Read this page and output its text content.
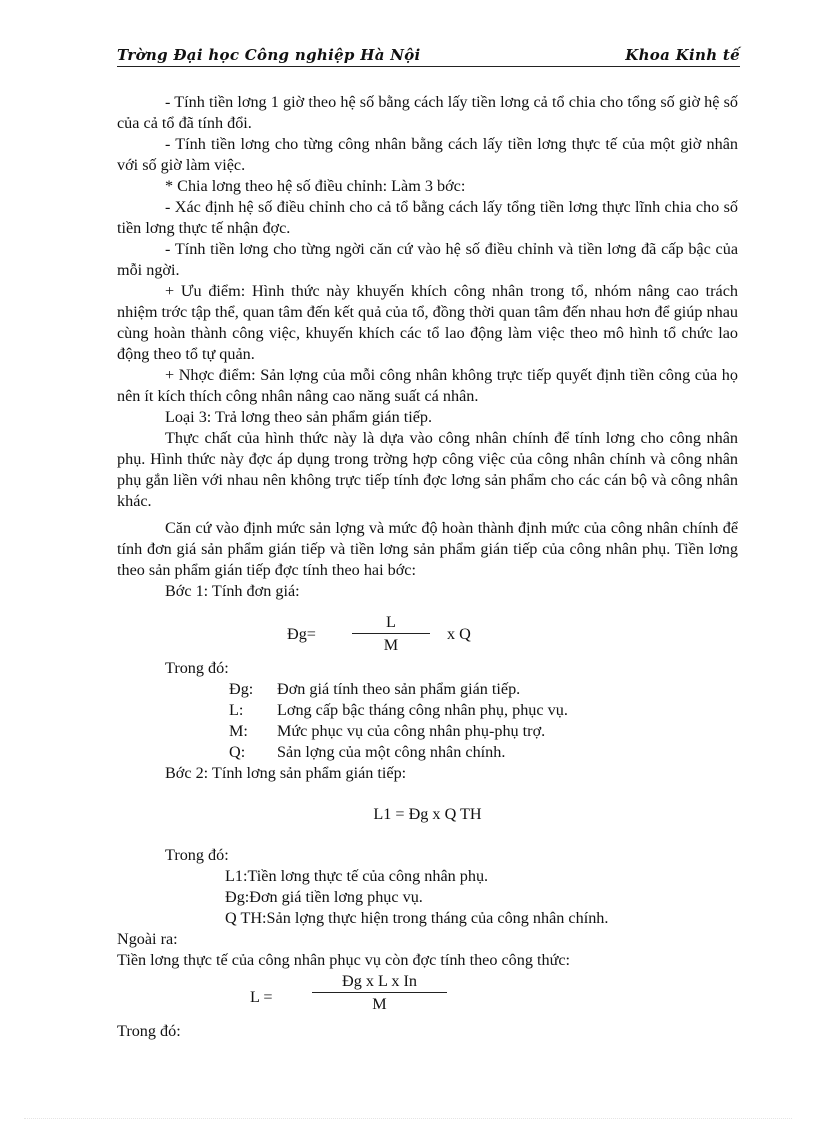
Trờng Đại học Công nghiệp Hà Nội	Khoa Kinh tế

- Tính tiền lơng 1 giờ theo hệ số bằng cách lấy tiền lơng cả tổ chia cho tổng số giờ hệ số của cả tổ đã tính đổi.

- Tính tiền lơng cho từng công nhân bằng cách lấy tiền lơng thực tế của một giờ nhân với số giờ làm việc.

* Chia lơng theo hệ số điều chỉnh: Làm 3 bớc:

- Xác định hệ số điều chỉnh cho cả tổ bằng cách lấy tổng tiền lơng thực lĩnh chia cho số tiền lơng thực tế nhận đợc.

- Tính tiền lơng cho từng ngời căn cứ vào hệ số điều chỉnh và tiền lơng đã cấp bậc của mỗi ngời.

+ Ưu điểm: Hình thức này khuyến khích công nhân trong tổ, nhóm nâng cao trách nhiệm trớc tập thể, quan tâm đến kết quả của tổ, đồng thời quan tâm đến nhau hơn để giúp nhau cùng hoàn thành công việc, khuyến khích các tổ lao động làm việc theo mô hình tổ chức lao động theo tổ tự quản.

+ Nhợc điểm: Sản lợng của mỗi công nhân không trực tiếp quyết định tiền công của họ nên ít kích thích công nhân nâng cao năng suất cá nhân.

Loại 3: Trả lơng theo sản phẩm gián tiếp.

Thực chất của hình thức này là dựa vào công nhân chính để tính lơng cho công nhân phụ. Hình thức này đợc áp dụng trong trờng hợp công việc của công nhân chính và công nhân phụ gắn liền với nhau nên không trực tiếp tính đợc lơng sản phẩm cho các cán bộ và công nhân khác.

Căn cứ vào định mức sản lợng và mức độ hoàn thành định mức của công nhân chính để tính đơn giá sản phẩm gián tiếp và tiền lơng sản phẩm gián tiếp của công nhân phụ. Tiền lơng theo sản phẩm gián tiếp đợc tính theo hai bớc:

Bớc 1: Tính đơn giá:

Đg=
L
M
x Q

Trong đó:

Đg:	Đơn giá tính theo sản phẩm gián tiếp.
L:	Lơng cấp bậc tháng công nhân phụ, phục vụ.
M:	Mức phục vụ của công nhân phụ-phụ trợ.
Q:	Sản lợng của một công nhân chính.

Bớc 2: Tính lơng sản phẩm gián tiếp:

L1 = Đg x Q TH

Trong đó:

L1: Tiền lơng thực tế của công nhân phụ.
Đg: Đơn giá tiền lơng phục vụ.
Q TH: Sản lợng thực hiện trong tháng của công nhân chính.

Ngoài ra:

Tiền lơng thực tế của công nhân phục vụ còn đợc tính theo công thức:

L =
Đg x L x In
M

Trong đó:
